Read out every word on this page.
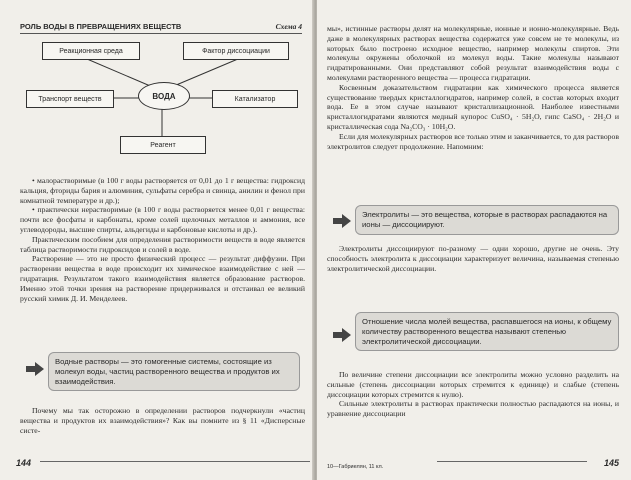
РОЛЬ ВОДЫ В ПРЕВРАЩЕНИЯХ ВЕЩЕСТВ	Схема 4
Реакционная среда	Фактор диссоциации
ВОДА
Транспорт веществ	Катализатор
Реагент

• малорастворимые (в 100 г воды растворяется от 0,01 до 1 г вещества: гидроксид кальция, фториды бария и алюминия, сульфаты серебра и свинца, анилин и фенол при комнатной температуре и др.);

• практически нерастворимые (в 100 г воды растворяется менее 0,01 г вещества: почти все фосфаты и карбонаты, кроме солей щелочных металлов и аммония, все углеводороды, высшие спирты, альдегиды и карбоновые кислоты и др.).

Практическим пособием для определения растворимости веществ в воде является таблица растворимости гидроксидов и солей в воде.

Растворение — это не просто физический процесс — результат диффузии. При растворении вещества в воде происходит их химическое взаимодействие с ней — гидратация. Результатом такого взаимодействия является образование растворов. Именно этой точки зрения на растворение придерживался и отстаивал ее великий русский химик Д. И. Менделеев.

Водные растворы — это гомогенные системы, состоящие из молекул воды, частиц растворенного вещества и продуктов их взаимодействия.

Почему мы так осторожно в определении растворов подчеркнули «частиц вещества и продуктов их взаимодействия»? Как вы помните из § 11 «Дисперсные систе-

144

мы», истинные растворы делят на молекулярные, ионные и ионно-молекулярные. Ведь даже в молекулярных растворах вещества содержатся уже совсем не те молекулы, из которых было построено исходное вещество, например молекулы спиртов. Эти молекулы окружены оболочкой из молекул воды. Такие молекулы называют гидратированными. Они представляют собой результат взаимодействия воды с молекулами растворенного вещества — процесса гидратации.

Косвенным доказательством гидратации как химического процесса является существование твердых кристаллогидратов, например солей, в состав которых входит вода. Ее в этом случае называют кристаллизационной. Наиболее известными кристаллогидратами являются медный купорос CuSO₄ · 5H₂O, гипс CaSO₄ · 2H₂O и кристаллическая сода Na₂CO₃ · 10H₂O.

Если для молекулярных растворов все только этим и заканчивается, то для растворов электролитов следует продолжение. Напомним:

Электролиты — это вещества, которые в растворах распадаются на ионы — диссоциируют.

Электролиты диссоциируют по-разному — одни хорошо, другие не очень. Эту способность электролита к диссоциации характеризует величина, называемая степенью электролитической диссоциации.

Отношение числа молей вещества, распавшегося на ионы, к общему количеству растворенного вещества называют степенью электролитической диссоциации.

По величине степени диссоциации все электролиты можно условно разделить на сильные (степень диссоциации которых стремится к единице) и слабые (степень диссоциации которых стремится к нулю).

Сильные электролиты в растворах практически полностью распадаются на ионы, и уравнение диссоциации

10—Габриелян, 11 кл.	145
